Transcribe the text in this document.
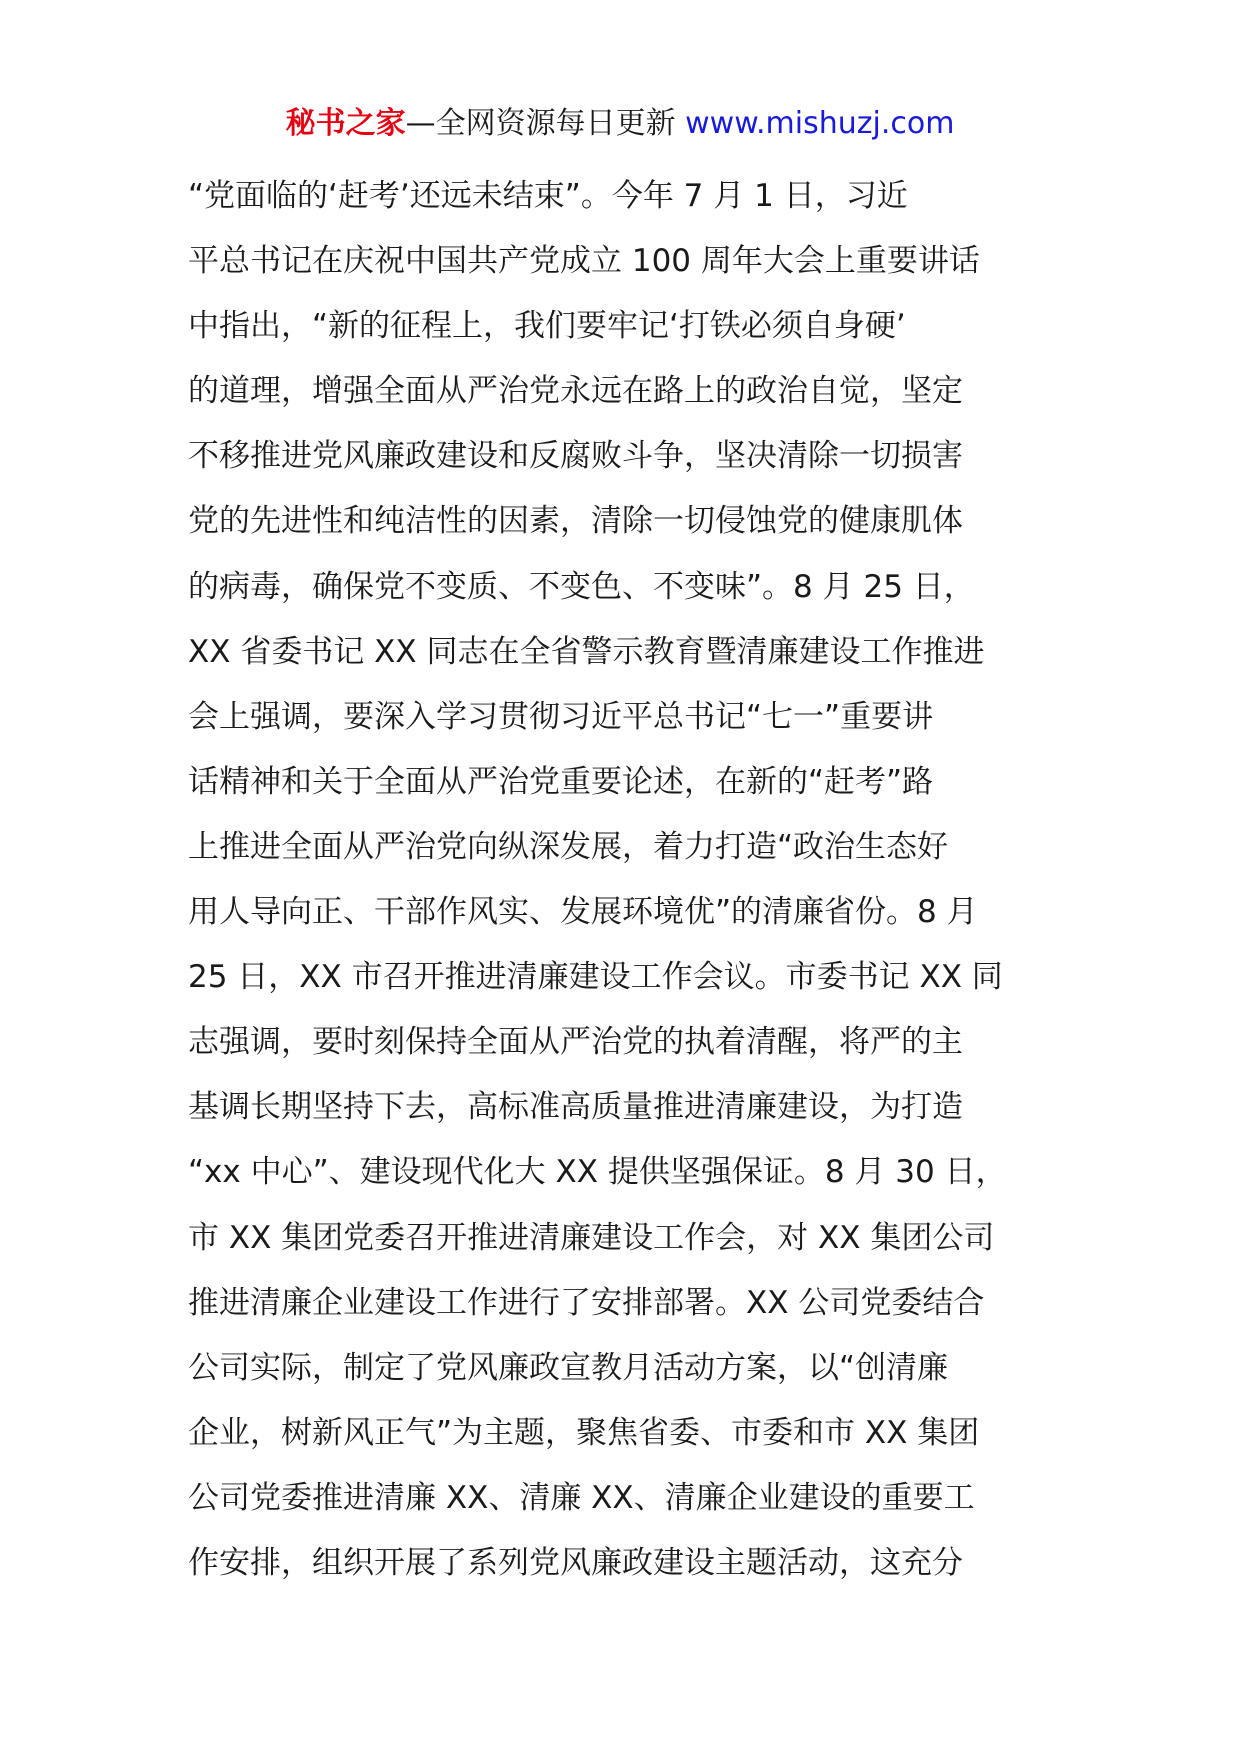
秘书之家—全网资源每日更新 www.mishuzj.com
“党面临的‘赶考’还远未结束”。今年 7 月 1 日，习近
平总书记在庆祝中国共产党成立 100 周年大会上重要讲话
中指出，“新的征程上，我们要牢记‘打铁必须自身硬’
的道理，增强全面从严治党永远在路上的政治自觉，坚定
不移推进党风廉政建设和反腐败斗争，坚决清除一切损害
党的先进性和纯洁性的因素，清除一切侵蚀党的健康肌体
的病毒，确保党不变质、不变色、不变味”。8 月 25 日，
XX 省委书记 XX 同志在全省警示教育暨清廉建设工作推进
会上强调，要深入学习贯彻习近平总书记“七一”重要讲
话精神和关于全面从严治党重要论述，在新的“赶考”路
上推进全面从严治党向纵深发展，着力打造“政治生态好
用人导向正、干部作风实、发展环境优”的清廉省份。8 月
25 日，XX 市召开推进清廉建设工作会议。市委书记 XX 同
志强调，要时刻保持全面从严治党的执着清醒，将严的主
基调长期坚持下去，高标准高质量推进清廉建设，为打造
“xx 中心”、建设现代化大 XX 提供坚强保证。8 月 30 日，
市 XX 集团党委召开推进清廉建设工作会，对 XX 集团公司
推进清廉企业建设工作进行了安排部署。XX 公司党委结合
公司实际，制定了党风廉政宣教月活动方案，以“创清廉
企业，树新风正气”为主题，聚焦省委、市委和市 XX 集团
公司党委推进清廉 XX、清廉 XX、清廉企业建设的重要工
作安排，组织开展了系列党风廉政建设主题活动，这充分
